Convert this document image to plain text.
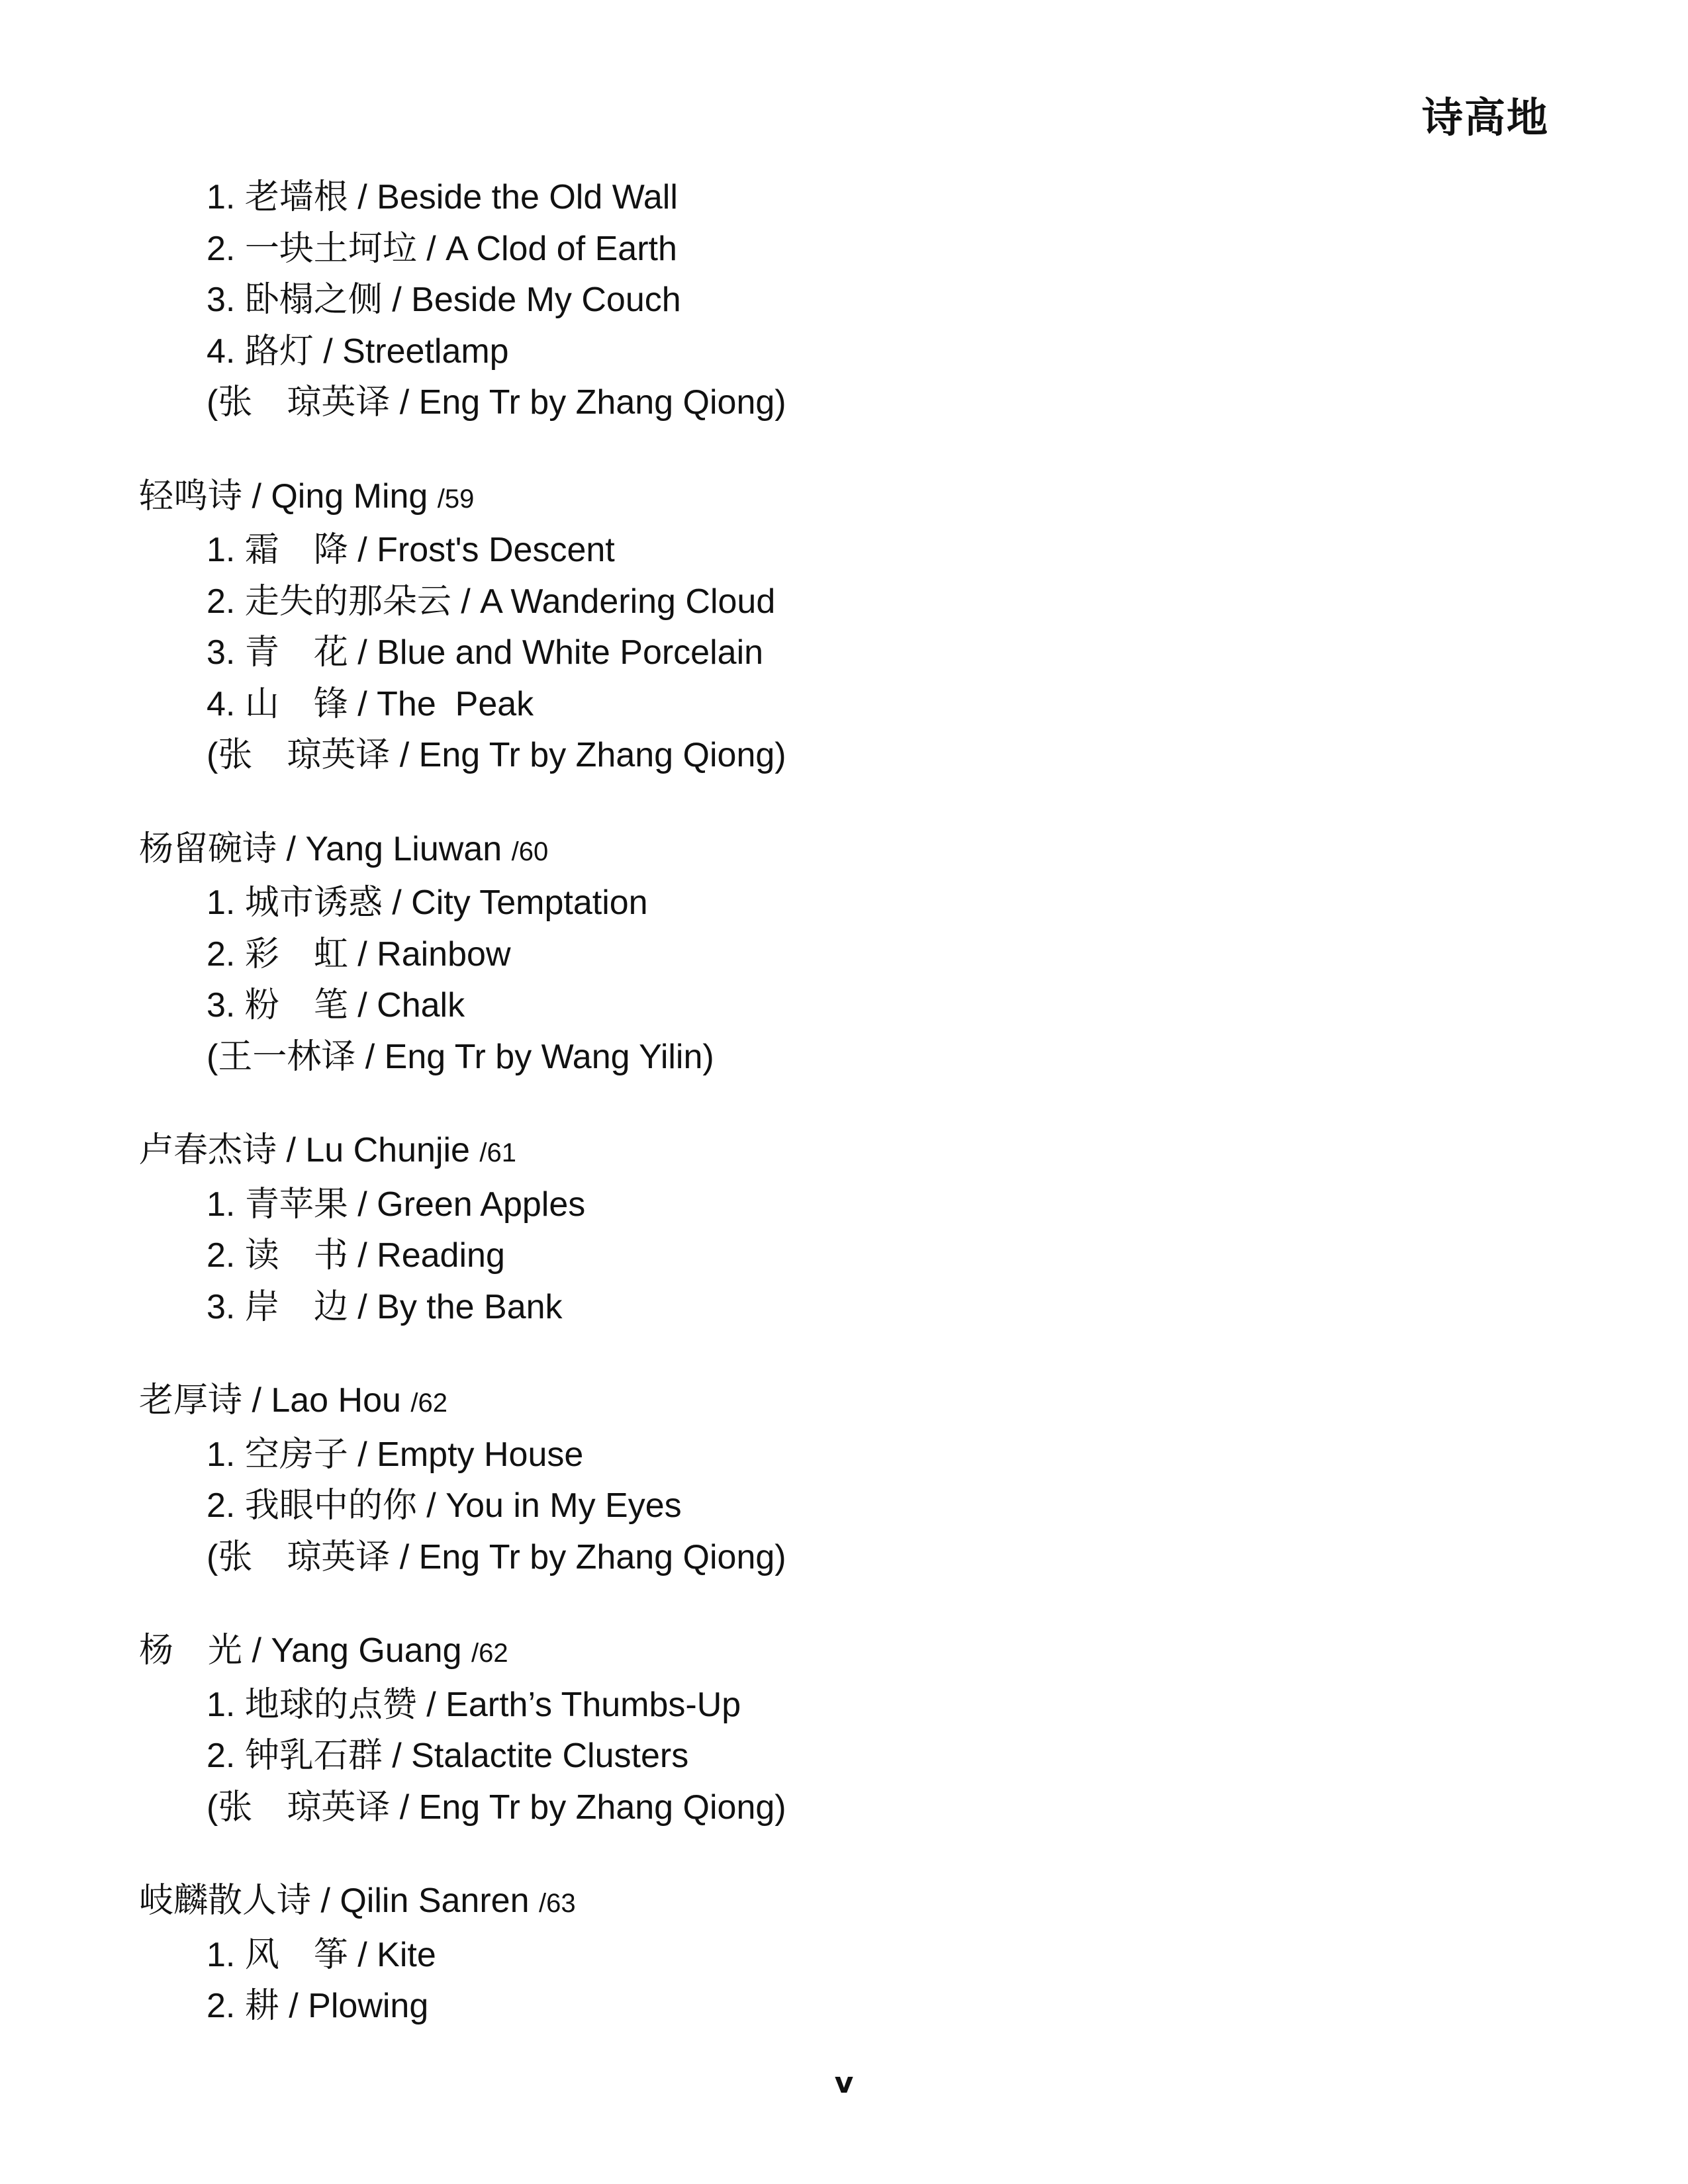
诗高地
1. 老墙根 / Beside the Old Wall
2. 一块土坷垃 / A Clod of Earth
3. 卧榻之侧 / Beside My Couch
4. 路灯 / Streetlamp
(张　琼英译 / Eng Tr by Zhang Qiong)
轻鸣诗 / Qing Ming /59
1. 霜　降 / Frost's Descent
2. 走失的那朵云 / A Wandering Cloud
3. 青　花 / Blue and White Porcelain
4. 山　锋 / The  Peak
(张　琼英译 / Eng Tr by Zhang Qiong)
杨留碗诗 / Yang Liuwan /60
1. 城市诱惑 / City Temptation
2. 彩　虹 / Rainbow
3. 粉　笔 / Chalk
(王一林译 / Eng Tr by Wang Yilin)
卢春杰诗 / Lu Chunjie /61
1. 青苹果 / Green Apples
2. 读　书 / Reading
3. 岸　边 / By the Bank
老厚诗 / Lao Hou /62
1. 空房子 / Empty House
2. 我眼中的你 / You in My Eyes
(张　琼英译 / Eng Tr by Zhang Qiong)
杨　光 / Yang Guang /62
1. 地球的点赞 / Earth’s Thumbs-Up
2. 钟乳石群 / Stalactite Clusters
(张　琼英译 / Eng Tr by Zhang Qiong)
岐麟散人诗 / Qilin Sanren /63
1. 风　筝 / Kite
2. 耕 / Plowing
v
